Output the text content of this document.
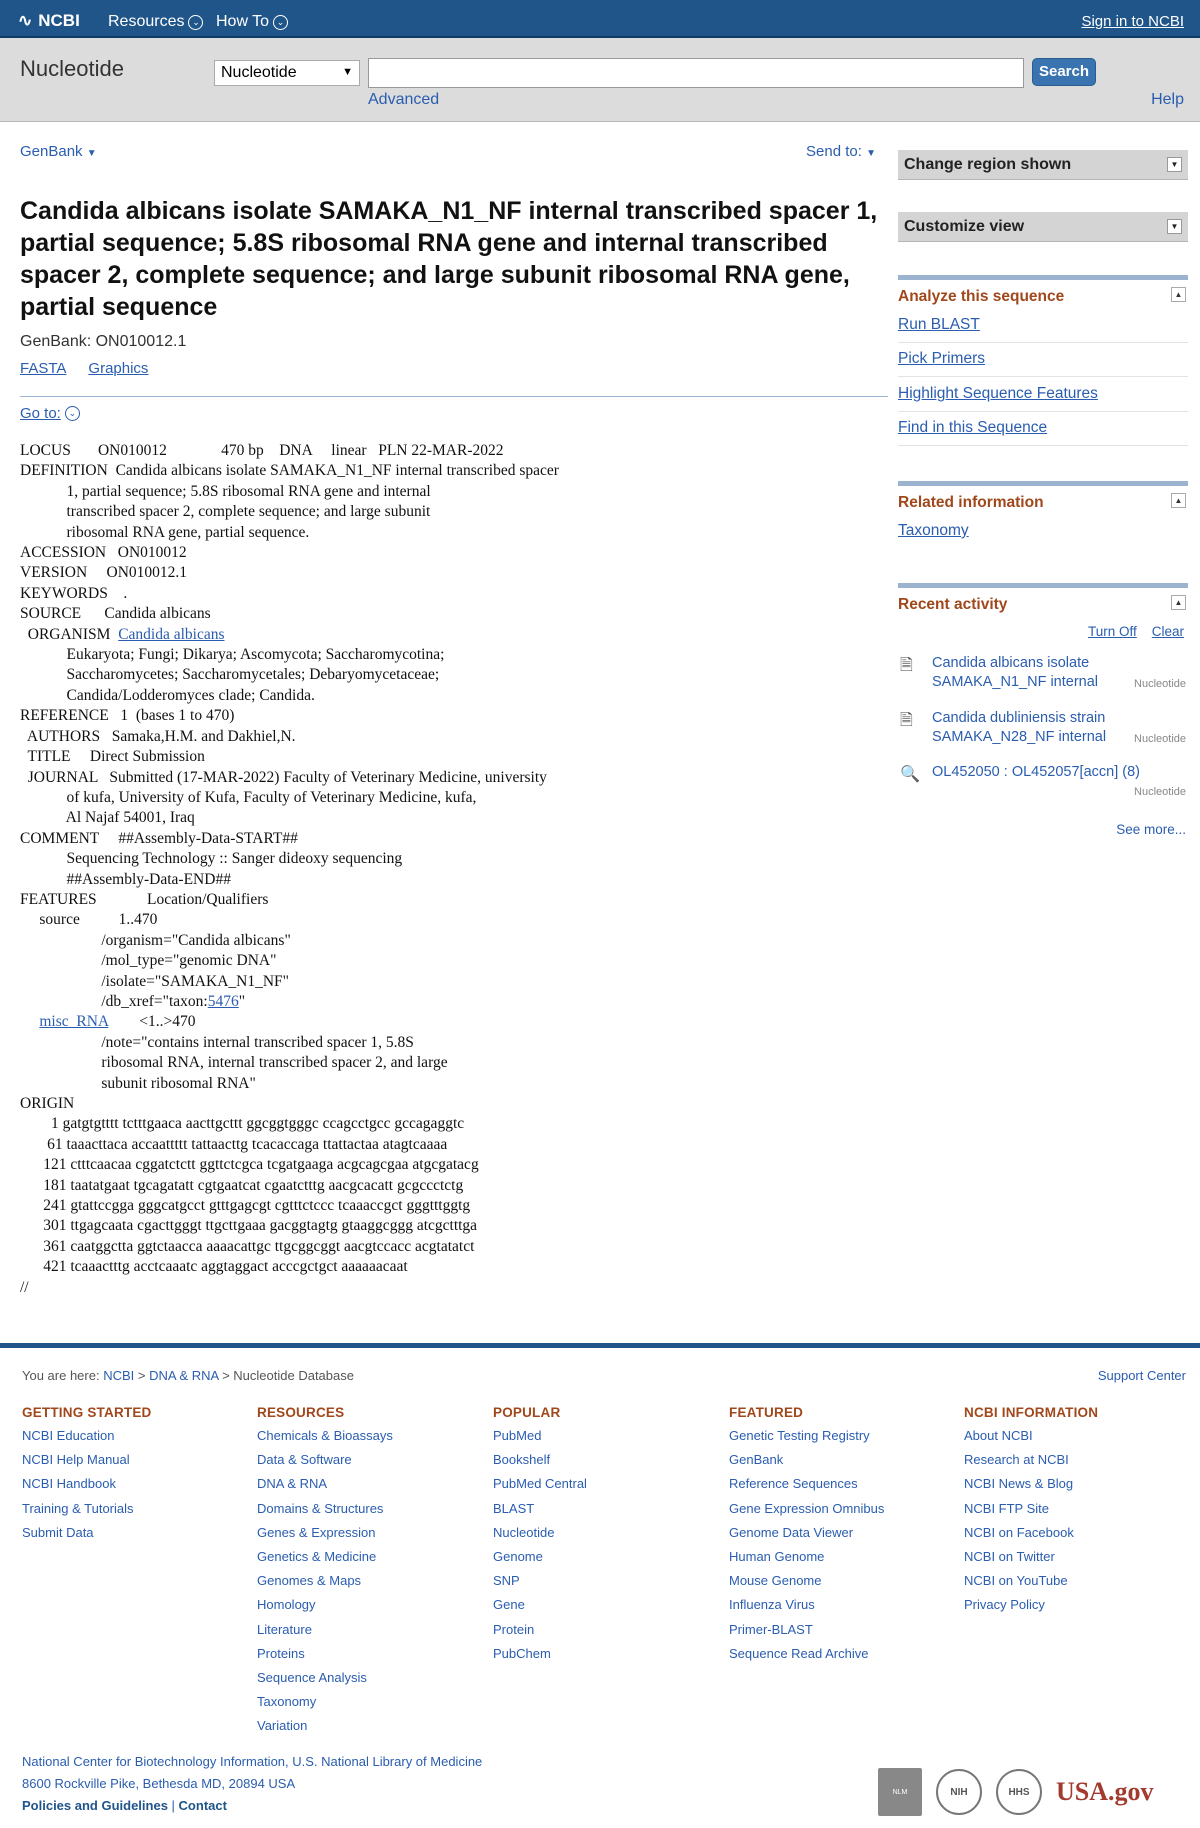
∿ NCBI Resources ⌄ How To ⌄	Sign in to NCBI
Nucleotide	Nucleotide	▼	Search
Advanced	Help
GenBank ▼	Send to: ▼
Candida albicans isolate SAMAKA_N1_NF internal transcribed spacer 1, partial sequence; 5.8S ribosomal RNA gene and internal transcribed spacer 2, complete sequence; and large subunit ribosomal RNA gene, partial sequence
GenBank: ON010012.1
FASTA Graphics
Go to: ⌄
LOCUS       ON010012              470 bp    DNA     linear   PLN 22-MAR-2022
DEFINITION  Candida albicans isolate SAMAKA_N1_NF internal transcribed spacer
1, partial sequence; 5.8S ribosomal RNA gene and internal
transcribed spacer 2, complete sequence; and large subunit
ribosomal RNA gene, partial sequence.
ACCESSION   ON010012
VERSION     ON010012.1
KEYWORDS    .
SOURCE      Candida albicans
ORGANISM  Candida albicans
Eukaryota; Fungi; Dikarya; Ascomycota; Saccharomycotina;
Saccharomycetes; Saccharomycetales; Debaryomycetaceae;
Candida/Lodderomyces clade; Candida.
REFERENCE   1  (bases 1 to 470)
AUTHORS   Samaka,H.M. and Dakhiel,N.
TITLE     Direct Submission
JOURNAL   Submitted (17-MAR-2022) Faculty of Veterinary Medicine, university
of kufa, University of Kufa, Faculty of Veterinary Medicine, kufa,
Al Najaf 54001, Iraq
COMMENT     ##Assembly-Data-START##
Sequencing Technology :: Sanger dideoxy sequencing
##Assembly-Data-END##
FEATURES             Location/Qualifiers
source          1..470
/organism="Candida albicans"
/mol_type="genomic DNA"
/isolate="SAMAKA_N1_NF"
/db_xref="taxon:5476"
misc_RNA        <1..>470
/note="contains internal transcribed spacer 1, 5.8S
ribosomal RNA, internal transcribed spacer 2, and large
subunit ribosomal RNA"
ORIGIN
1 gatgtgtttt tctttgaaca aacttgcttt ggcggtgggc ccagcctgcc gccagaggtc
61 taaacttaca accaattttt tattaacttg tcacaccaga ttattactaa atagtcaaaa
121 ctttcaacaa cggatctctt ggttctcgca tcgatgaaga acgcagcgaa atgcgatacg
181 taatatgaat tgcagatatt cgtgaatcat cgaatctttg aacgcacatt gcgccctctg
241 gtattccgga gggcatgcct gtttgagcgt cgtttctccc tcaaaccgct gggtttggtg
301 ttgagcaata cgacttgggt ttgcttgaaa gacggtagtg gtaaggcggg atcgctttga
361 caatggctta ggtctaacca aaaacattgc ttgcggcggt aacgtccacc acgtatatct
421 tcaaactttg acctcaaatc aggtaggact acccgctgct aaaaaacaat
//
Change region shown	▼
Customize view	▼
Analyze this sequence	▲
Run BLAST
Pick Primers
Highlight Sequence Features
Find in this Sequence
Related information	▲
Taxonomy
Recent activity	▲
Turn Off Clear
🗎 Candida albicans isolate SAMAKA_N1_NF internal	Nucleotide
🗎 Candida dubliniensis strain SAMAKA_N28_NF internal	Nucleotide
🔍 OL452050 : OL452057[accn] (8)
Nucleotide
See more...
You are here: NCBI > DNA & RNA > Nucleotide Database	Support Center
GETTING STARTED
NCBI Education
NCBI Help Manual
NCBI Handbook
Training & Tutorials
Submit Data
RESOURCES
Chemicals & Bioassays
Data & Software
DNA & RNA
Domains & Structures
Genes & Expression
Genetics & Medicine
Genomes & Maps
Homology
Literature
Proteins
Sequence Analysis
Taxonomy
Variation
POPULAR
PubMed
Bookshelf
PubMed Central
BLAST
Nucleotide
Genome
SNP
Gene
Protein
PubChem
FEATURED
Genetic Testing Registry
GenBank
Reference Sequences
Gene Expression Omnibus
Genome Data Viewer
Human Genome
Mouse Genome
Influenza Virus
Primer-BLAST
Sequence Read Archive
NCBI INFORMATION
About NCBI
Research at NCBI
NCBI News & Blog
NCBI FTP Site
NCBI on Facebook
NCBI on Twitter
NCBI on YouTube
Privacy Policy
National Center for Biotechnology Information, U.S. National Library of Medicine
8600 Rockville Pike, Bethesda MD, 20894 USA
Policies and Guidelines | Contact
NLM	NIH	HHS	USA.gov
